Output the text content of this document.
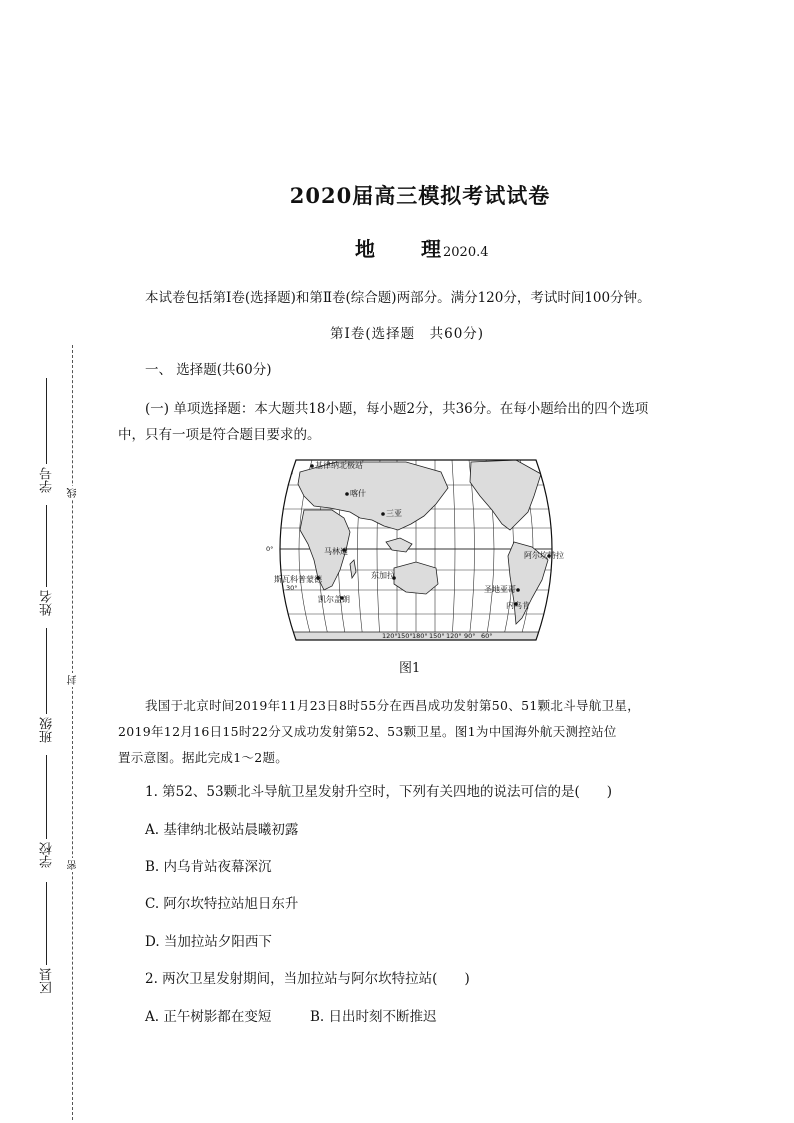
学号
姓名
班级
学校
区县
线
封
密
2020届高三模拟考试试卷
地 理 2020.4
本试卷包括第Ⅰ卷(选择题)和第Ⅱ卷(综合题)两部分。满分120分，考试时间100分钟。
第Ⅰ卷(选择题　共60分)
一、 选择题(共60分)
(一) 单项选择题：本大题共18小题，每小题2分，共36分。在每小题给出的四个选项
中，只有一项是符合题目要求的。
基律纳北极站
喀什
三亚
马林迪
斯瓦科普蒙德	东加拉
凯尔盖朗
圣地亚哥
内乌肯
阿尔坎特拉
0°
30°
120° 150° 180° 150° 120° 90° 60°
图1
我国于北京时间2019年11月23日8时55分在西昌成功发射第50、51颗北斗导航卫星，
2019年12月16日15时22分又成功发射第52、53颗卫星。图1为中国海外航天测控站位
置示意图。据此完成1～2题。
1. 第52、53颗北斗导航卫星发射升空时，下列有关四地的说法可信的是(　　)
A. 基律纳北极站晨曦初露
B. 内乌肯站夜幕深沉
C. 阿尔坎特拉站旭日东升
D. 当加拉站夕阳西下
2. 两次卫星发射期间，当加拉站与阿尔坎特拉站(　　)
A. 正午树影都在变短	B. 日出时刻不断推迟
